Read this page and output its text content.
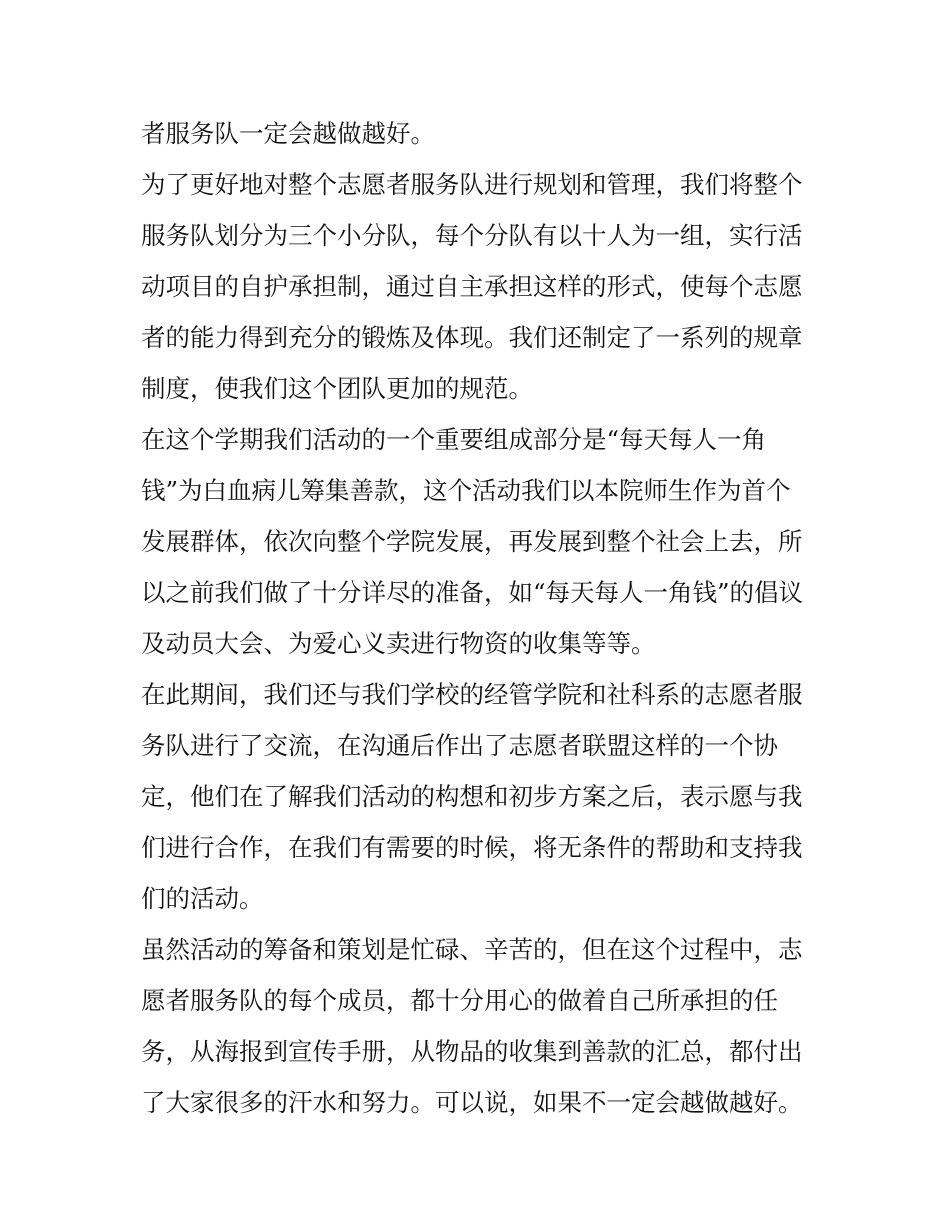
者服务队一定会越做越好。
为了更好地对整个志愿者服务队进行规划和管理，我们将整个
服务队划分为三个小分队，每个分队有以十人为一组，实行活
动项目的自护承担制，通过自主承担这样的形式，使每个志愿
者的能力得到充分的锻炼及体现。我们还制定了一系列的规章
制度，使我们这个团队更加的规范。
在这个学期我们活动的一个重要组成部分是“每天每人一角
钱”为白血病儿筹集善款，这个活动我们以本院师生作为首个
发展群体，依次向整个学院发展，再发展到整个社会上去，所
以之前我们做了十分详尽的准备，如“每天每人一角钱”的倡议
及动员大会、为爱心义卖进行物资的收集等等。
在此期间，我们还与我们学校的经管学院和社科系的志愿者服
务队进行了交流，在沟通后作出了志愿者联盟这样的一个协
定，他们在了解我们活动的构想和初步方案之后，表示愿与我
们进行合作，在我们有需要的时候，将无条件的帮助和支持我
们的活动。
虽然活动的筹备和策划是忙碌、辛苦的，但在这个过程中，志
愿者服务队的每个成员，都十分用心的做着自己所承担的任
务，从海报到宣传手册，从物品的收集到善款的汇总，都付出
了大家很多的汗水和努力。可以说，如果不一定会越做越好。
